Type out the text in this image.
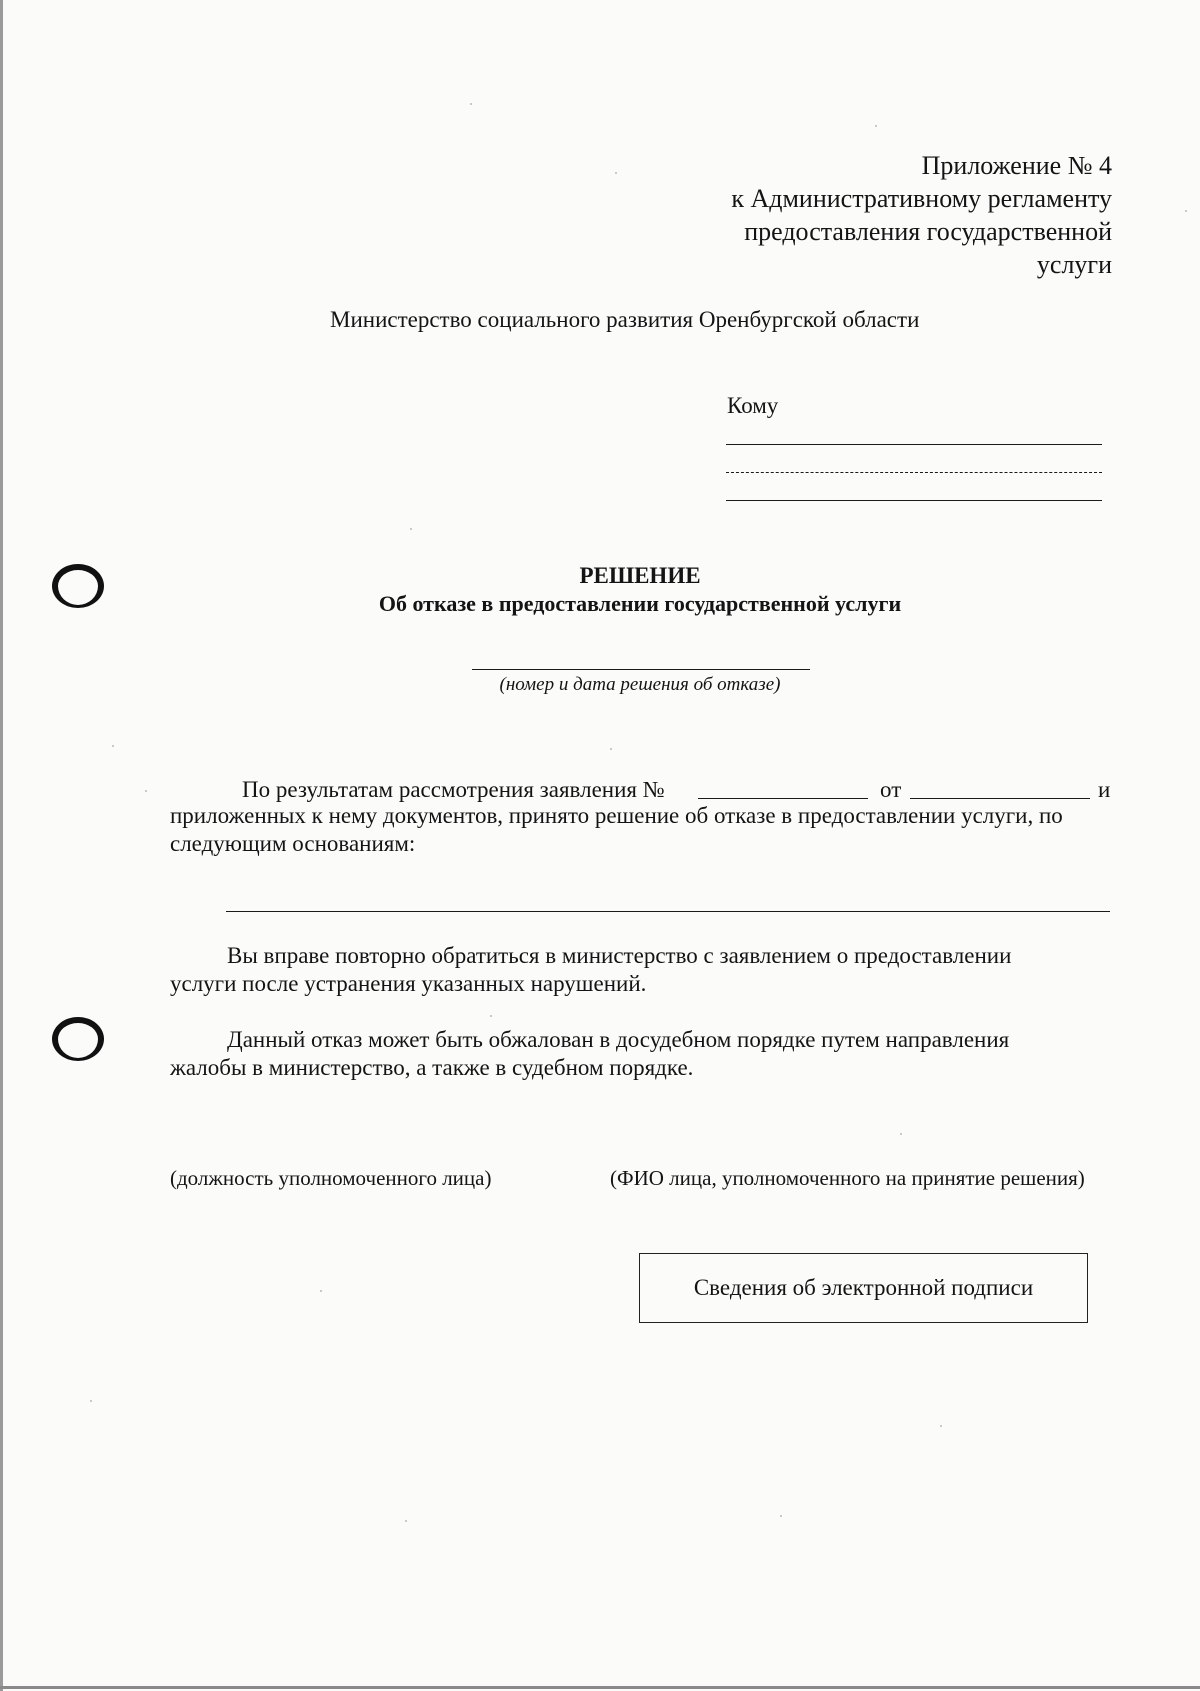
Приложение № 4
к Административному регламенту
предоставления государственной
услуги
Министерство социального развития Оренбургской области
Кому
РЕШЕНИЕ
Об отказе в предоставлении государственной услуги
(номер и дата решения об отказе)
По результатам рассмотрения заявления №	от	и
приложенных к нему документов, принято решение об отказе в предоставлении услуги, по
следующим основаниям:
Вы вправе повторно обратиться в министерство с заявлением о предоставлении
услуги после устранения указанных нарушений.
Данный отказ может быть обжалован в досудебном порядке путем направления
жалобы в министерство, а также в судебном порядке.
(должность уполномоченного лица)	(ФИО лица, уполномоченного на принятие решения)
Сведения об электронной подписи
